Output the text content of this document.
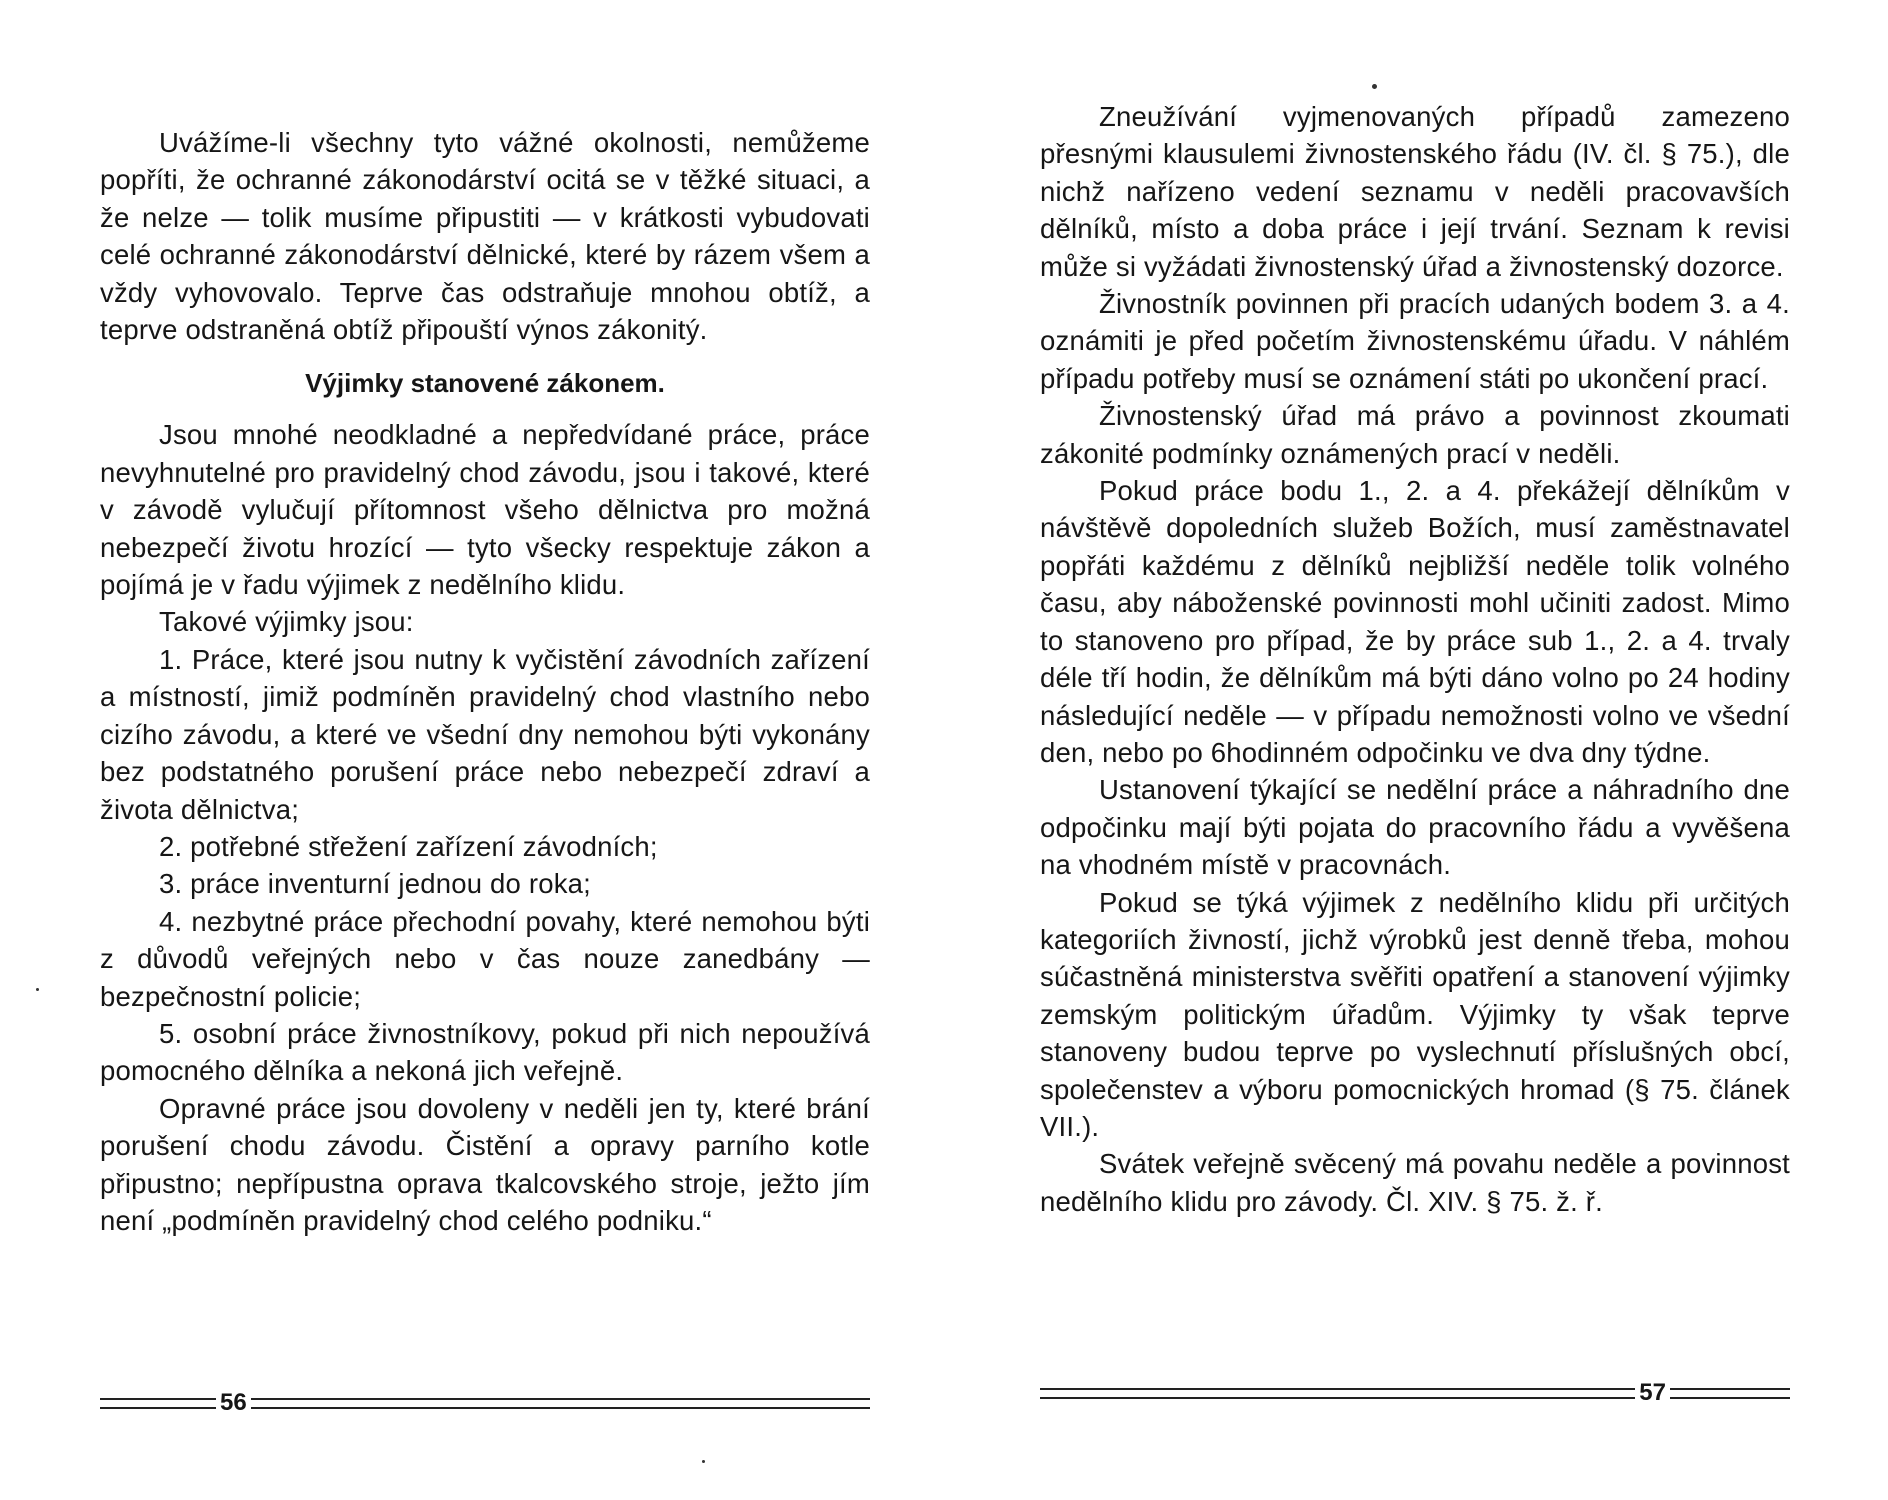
Uvážíme-li všechny tyto vážné okolnosti, nemůžeme popříti, že ochranné zákonodárství ocitá se v těžké situaci, a že nelze — tolik musíme připustiti — v krátkosti vybudovati celé ochranné zákonodárství dělnické, které by rázem všem a vždy vyhovovalo. Teprve čas odstraňuje mnohou obtíž, a teprve odstraněná obtíž připouští výnos zákonitý.

Výjimky stanovené zákonem.

Jsou mnohé neodkladné a nepředvídané práce, práce nevyhnutelné pro pravidelný chod závodu, jsou i takové, které v závodě vylučují přítomnost všeho dělnictva pro možná nebezpečí životu hrozící — tyto všecky respektuje zákon a pojímá je v řadu výjimek z nedělního klidu.

Takové výjimky jsou:

1. Práce, které jsou nutny k vyčistění závodních zařízení a místností, jimiž podmíněn pravidelný chod vlastního nebo cizího závodu, a které ve všední dny nemohou býti vykonány bez podstatného porušení práce nebo nebezpečí zdraví a života dělnictva;

2. potřebné střežení zařízení závodních;

3. práce inventurní jednou do roka;

4. nezbytné práce přechodní povahy, které nemohou býti z důvodů veřejných nebo v čas nouze zanedbány — bezpečnostní policie;

5. osobní práce živnostníkovy, pokud při nich nepoužívá pomocného dělníka a nekoná jich veřejně.

Opravné práce jsou dovoleny v neděli jen ty, které brání porušení chodu závodu. Čistění a opravy parního kotle připustno; nepřípustna oprava tkalcovského stroje, ježto jím není „podmíněn pravidelný chod celého podniku.“

56

Zneužívání vyjmenovaných případů zamezeno přesnými klausulemi živnostenského řádu (IV. čl. § 75.), dle nichž nařízeno vedení seznamu v neděli pracovavších dělníků, místo a doba práce i její trvání. Seznam k revisi může si vyžádati živnostenský úřad a živnostenský dozorce.

Živnostník povinnen při pracích udaných bodem 3. a 4. oznámiti je před početím živnostenskému úřadu. V náhlém případu potřeby musí se oznámení státi po ukončení prací.

Živnostenský úřad má právo a povinnost zkoumati zákonité podmínky oznámených prací v neděli.

Pokud práce bodu 1., 2. a 4. překážejí dělníkům v návštěvě dopoledních služeb Božích, musí zaměstnavatel popřáti každému z dělníků nejbližší neděle tolik volného času, aby náboženské povinnosti mohl učiniti zadost. Mimo to stanoveno pro případ, že by práce sub 1., 2. a 4. trvaly déle tří hodin, že dělníkům má býti dáno volno po 24 hodiny následující neděle — v případu nemožnosti volno ve všední den, nebo po 6hodinném odpočinku ve dva dny týdne.

Ustanovení týkající se nedělní práce a náhradního dne odpočinku mají býti pojata do pracovního řádu a vyvěšena na vhodném místě v pracovnách.

Pokud se týká výjimek z nedělního klidu při určitých kategoriích živností, jichž výrobků jest denně třeba, mohou súčastněná ministerstva svěřiti opatření a stanovení výjimky zemským politickým úřadům. Výjimky ty však teprve stanoveny budou teprve po vyslechnutí příslušných obcí, společenstev a výboru pomocnických hromad (§ 75. článek VII.).

Svátek veřejně svěcený má povahu neděle a povinnost nedělního klidu pro závody. Čl. XIV. § 75. ž. ř.

57
